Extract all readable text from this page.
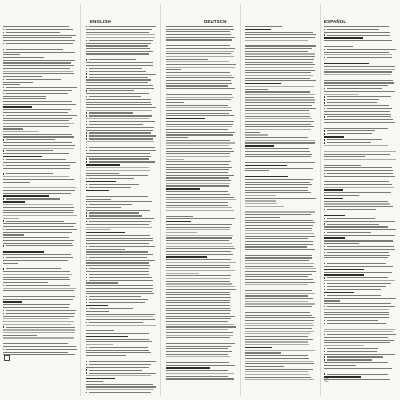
ENGLISH	DEUTSCH	ESPAÑOL
⊂
